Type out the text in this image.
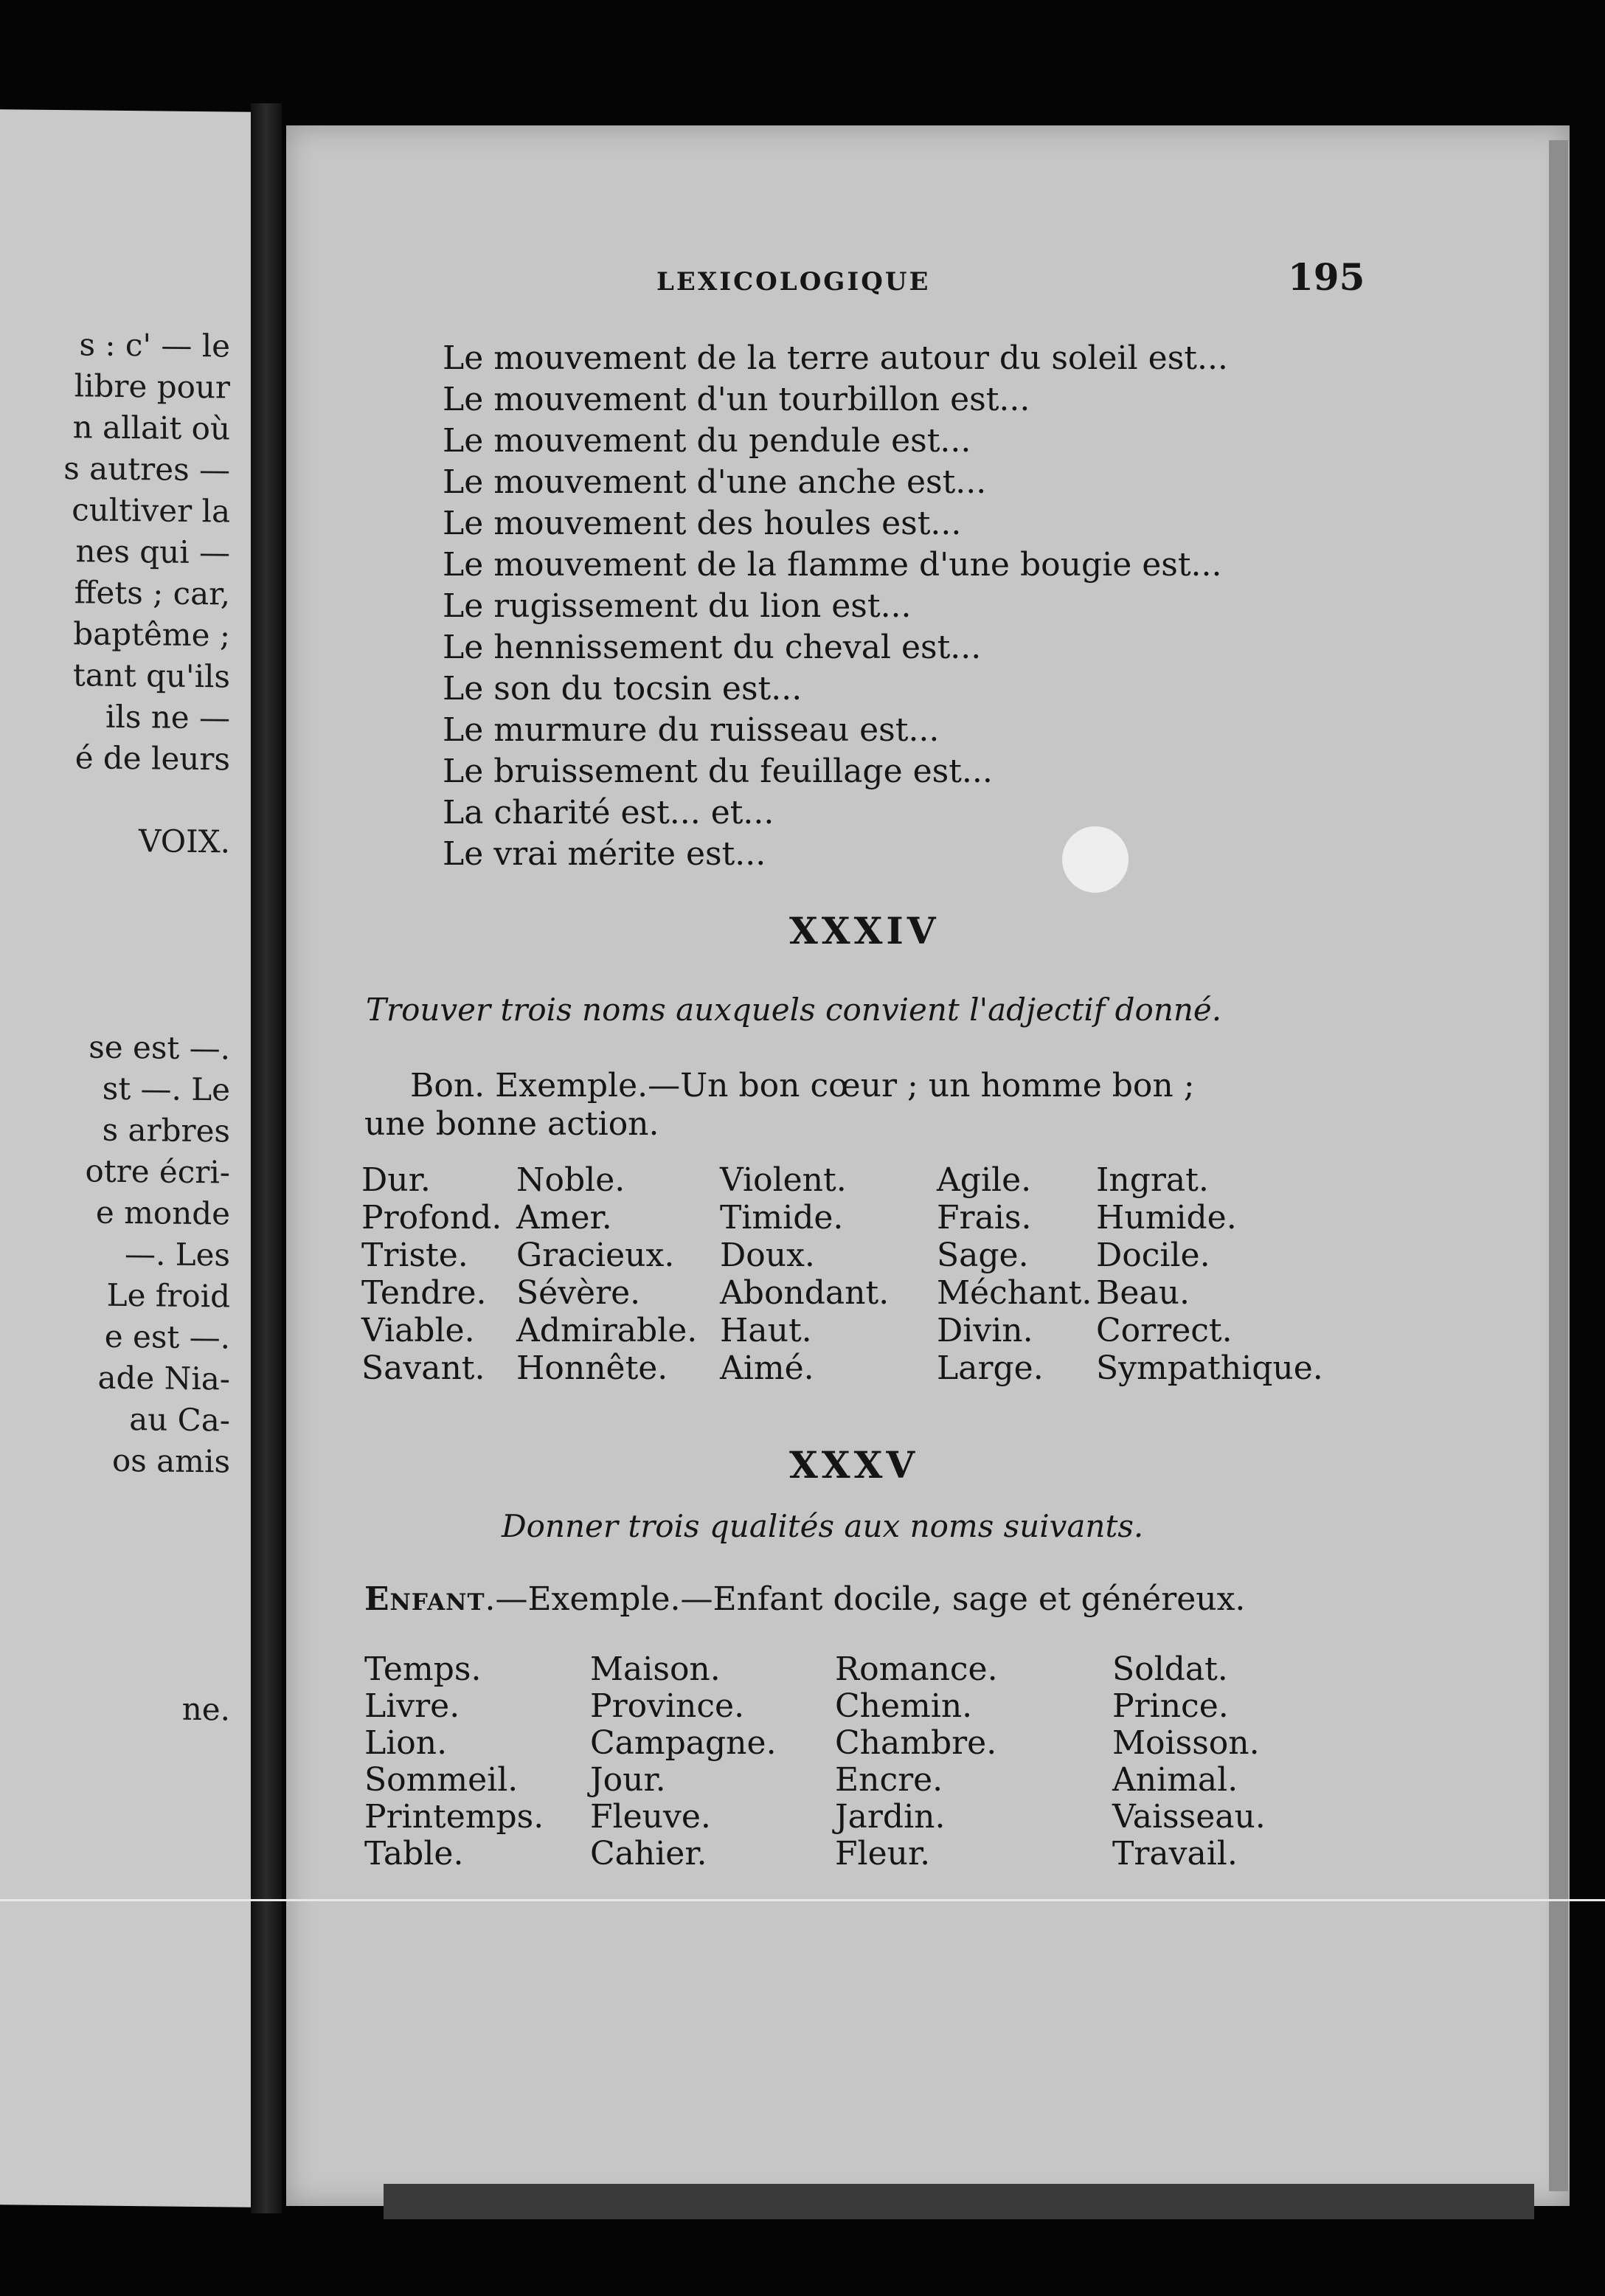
s : c' — le
libre pour
n allait où
s autres —
cultiver la
nes qui —
ffets ; car,
baptême ;
tant qu'ils
ils ne —
é de leurs
VOIX.
se est —.
st —. Le
s arbres
otre écri-
e monde
—. Les
Le froid
e est —.
ade Nia-
au Ca-
os amis
ne.
LEXICOLOGIQUE	195
Le mouvement de la terre autour du soleil est...
Le mouvement d'un tourbillon est...
Le mouvement du pendule est...
Le mouvement d'une anche est...
Le mouvement des houles est...
Le mouvement de la flamme d'une bougie est...
Le rugissement du lion est...
Le hennissement du cheval est...
Le son du tocsin est...
Le murmure du ruisseau est...
Le bruissement du feuillage est...
La charité est... et...
Le vrai mérite est...
XXXIV
Trouver trois noms auxquels convient l'adjectif donné.
Bon. Exemple.—Un bon cœur ; un homme bon ;
une bonne action.
Dur.
Profond.
Triste.
Tendre.
Viable.
Savant.
Noble.
Amer.
Gracieux.
Sévère.
Admirable.
Honnête.
Violent.
Timide.
Doux.
Abondant.
Haut.
Aimé.
Agile.
Frais.
Sage.
Méchant.
Divin.
Large.
Ingrat.
Humide.
Docile.
Beau.
Correct.
Sympathique.
XXXV
Donner trois qualités aux noms suivants.
Enfant.—Exemple.—Enfant docile, sage et généreux.
Temps.
Livre.
Lion.
Sommeil.
Printemps.
Table.
Maison.
Province.
Campagne.
Jour.
Fleuve.
Cahier.
Romance.
Chemin.
Chambre.
Encre.
Jardin.
Fleur.
Soldat.
Prince.
Moisson.
Animal.
Vaisseau.
Travail.
